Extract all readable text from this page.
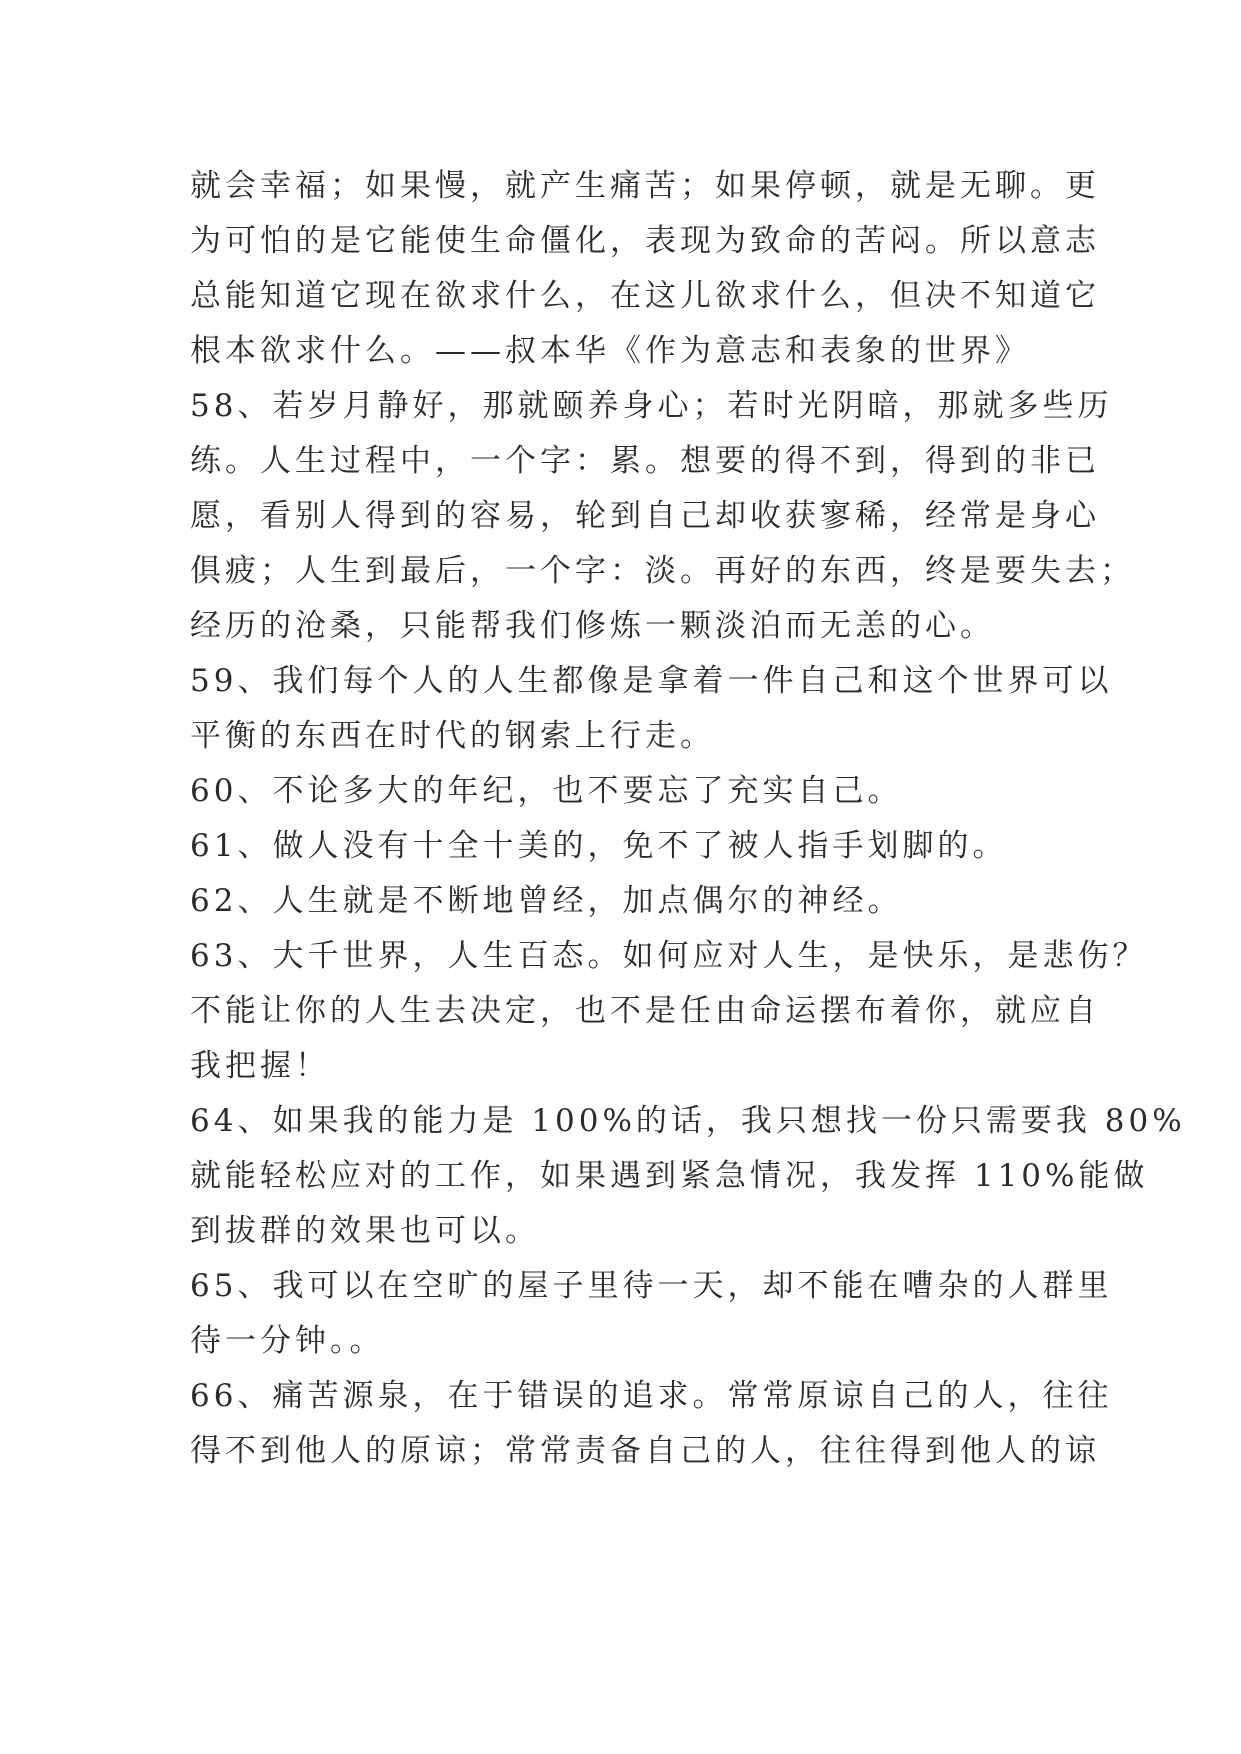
就会幸福；如果慢，就产生痛苦；如果停顿，就是无聊。更
为可怕的是它能使生命僵化，表现为致命的苦闷。所以意志
总能知道它现在欲求什么，在这儿欲求什么，但决不知道它
根本欲求什么。——叔本华《作为意志和表象的世界》
58、若岁月静好，那就颐养身心；若时光阴暗，那就多些历
练。人生过程中，一个字：累。想要的得不到，得到的非已
愿，看别人得到的容易，轮到自己却收获寥稀，经常是身心
俱疲；人生到最后，一个字：淡。再好的东西，终是要失去；
经历的沧桑，只能帮我们修炼一颗淡泊而无恙的心。
59、我们每个人的人生都像是拿着一件自己和这个世界可以
平衡的东西在时代的钢索上行走。
60、不论多大的年纪，也不要忘了充实自己。
61、做人没有十全十美的，免不了被人指手划脚的。
62、人生就是不断地曾经，加点偶尔的神经。
63、大千世界，人生百态。如何应对人生，是快乐，是悲伤？
不能让你的人生去决定，也不是任由命运摆布着你，就应自
我把握！
64、如果我的能力是 100%的话，我只想找一份只需要我 80%
就能轻松应对的工作，如果遇到紧急情况，我发挥 110%能做
到拔群的效果也可以。
65、我可以在空旷的屋子里待一天，却不能在嘈杂的人群里
待一分钟。。
66、痛苦源泉，在于错误的追求。常常原谅自己的人，往往
得不到他人的原谅；常常责备自己的人，往往得到他人的谅
